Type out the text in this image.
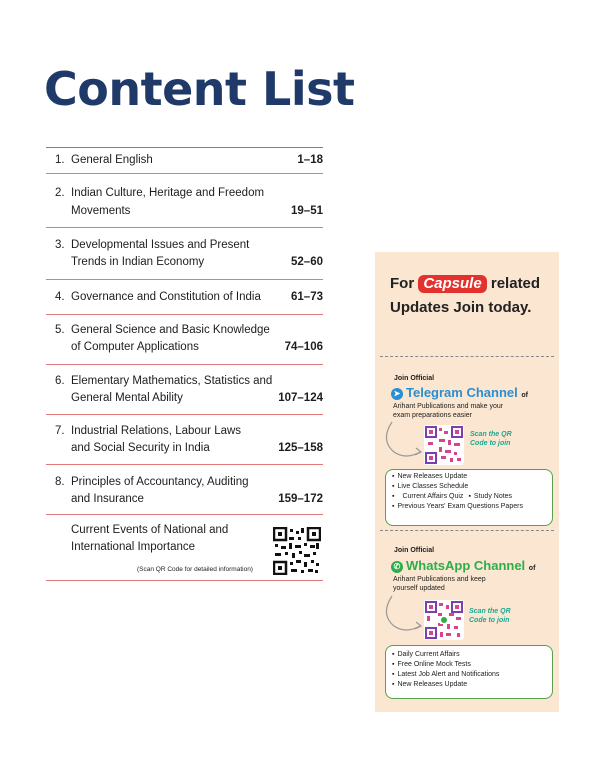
Content List
1. General English	1–18
2. Indian Culture, Heritage and Freedom
Movements	19–51
3. Developmental Issues and Present
Trends in Indian Economy	52–60
4. Governance and Constitution of India	61–73
5. General Science and Basic Knowledge
of Computer Applications	74–106
6. Elementary Mathematics, Statistics and
General Mental Ability	107–124
7. Industrial Relations, Labour Laws
and Social Security in India	125–158
8. Principles of Accountancy, Auditing
and Insurance	159–172
Current Events of National and
International Importance
(Scan QR Code for detailed information)
For Capsule related
Updates Join today.
Join Official
➤ Telegram Channel of
Arihant Publications and make your
exam preparations easier
Scan the QR
Code to join
▪ New Releases Update
▪ Live Classes Schedule
▪ Current Affairs Quiz ▪ Study Notes
▪ Previous Years' Exam Questions Papers
Join Official
✆ WhatsApp Channel of
Arihant Publications and keep
yourself updated
Scan the QR
Code to join
▪ Daily Current Affairs
▪ Free Online Mock Tests
▪ Latest Job Alert and Notifications
▪ New Releases Update
